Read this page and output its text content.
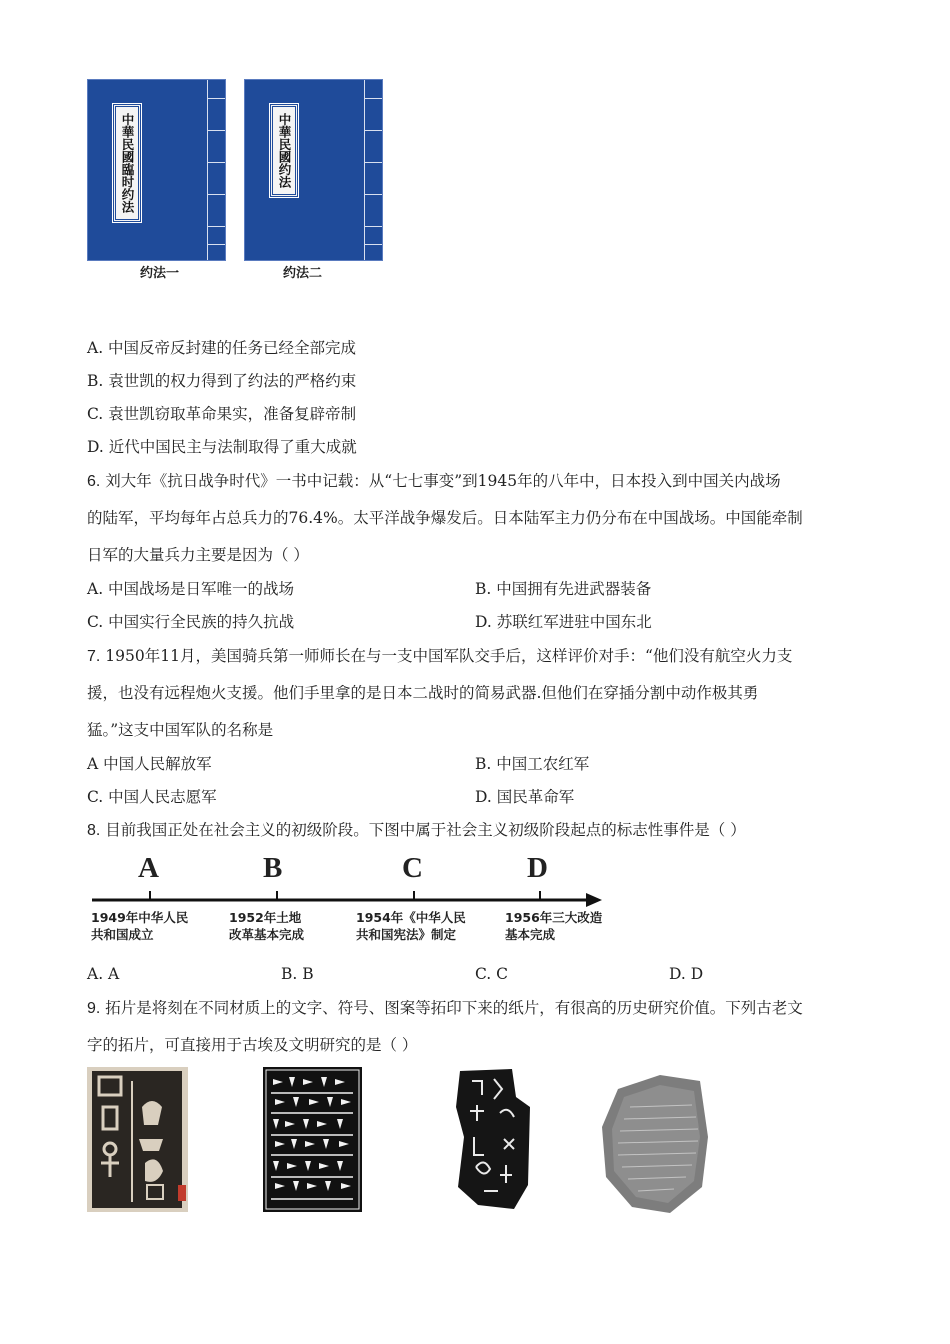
中華民國臨时约法	中華民國约法
约法一	约法二
A. 中国反帝反封建的任务已经全部完成
B. 袁世凯的权力得到了约法的严格约束
C. 袁世凯窃取革命果实，准备复辟帝制
D. 近代中国民主与法制取得了重大成就
6. 刘大年《抗日战争时代》一书中记载：从“七七事变”到1945年的八年中，日本投入到中国关内战场
的陆军，平均每年占总兵力的76.4%。太平洋战争爆发后。日本陆军主力仍分布在中国战场。中国能牵制
日军的大量兵力主要是因为（ ）
A. 中国战场是日军唯一的战场	B. 中国拥有先进武器装备
C. 中国实行全民族的持久抗战	D. 苏联红军进驻中国东北
7. 1950年11月，美国骑兵第一师师长在与一支中国军队交手后，这样评价对手：“他们没有航空火力支
援，也没有远程炮火支援。他们手里拿的是日本二战时的简易武器.但他们在穿插分割中动作极其勇
猛。”这支中国军队的名称是
A 中国人民解放军	B. 中国工农红军
C. 中国人民志愿军	D. 国民革命军
8. 目前我国正处在社会主义的初级阶段。下图中属于社会主义初级阶段起点的标志性事件是（ ）
A	B	C	D
1949年中华人民
共和国成立
1952年土地
改革基本完成
1954年《中华人民
共和国宪法》制定
1956年三大改造
基本完成
A. A	B. B	C. C	D. D
9. 拓片是将刻在不同材质上的文字、符号、图案等拓印下来的纸片，有很高的历史研究价值。下列古老文
字的拓片，可直接用于古埃及文明研究的是（ ）
